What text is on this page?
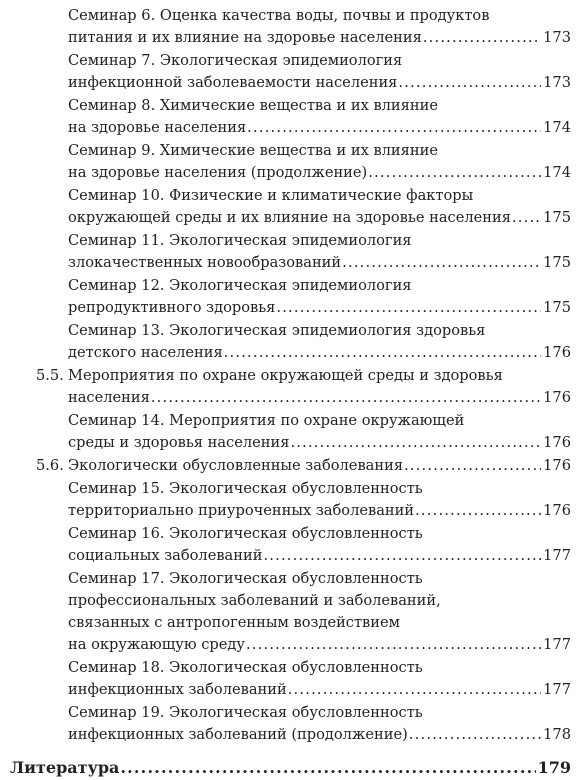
Семинар 6. Оценка качества воды, почвы и продуктов
питания и их влияние на здоровье населения .....	173
Семинар 7. Экологическая эпидемиология
инфекционной заболеваемости населения .....	173
Семинар 8. Химические вещества и их влияние
на здоровье населения .....	174
Семинар 9. Химические вещества и их влияние
на здоровье населения (продолжение) .....	174
Семинар 10. Физические и климатические факторы
окружающей среды и их влияние на здоровье населения ..... 175
Семинар 11. Экологическая эпидемиология
злокачественных новообразований .....	175
Семинар 12. Экологическая эпидемиология
репродуктивного здоровья .....	175
Семинар 13. Экологическая эпидемиология здоровья
детского населения .....	176
5.5. Мероприятия по охране окружающей среды и здоровья
населения .....	176
Семинар 14. Мероприятия по охране окружающей
среды и здоровья населения .....	176
5.6. Экологически обусловленные заболевания .....	176
Семинар 15. Экологическая обусловленность
территориально приуроченных заболеваний .....	176
Семинар 16. Экологическая обусловленность
социальных заболеваний .....	177
Семинар 17. Экологическая обусловленность
профессиональных заболеваний и заболеваний,
связанных с антропогенным воздействием
на окружающую среду .....	177
Семинар 18. Экологическая обусловленность
инфекционных заболеваний .....	177
Семинар 19. Экологическая обусловленность
инфекционных заболеваний (продолжение) .....	178
Литература .....	179
